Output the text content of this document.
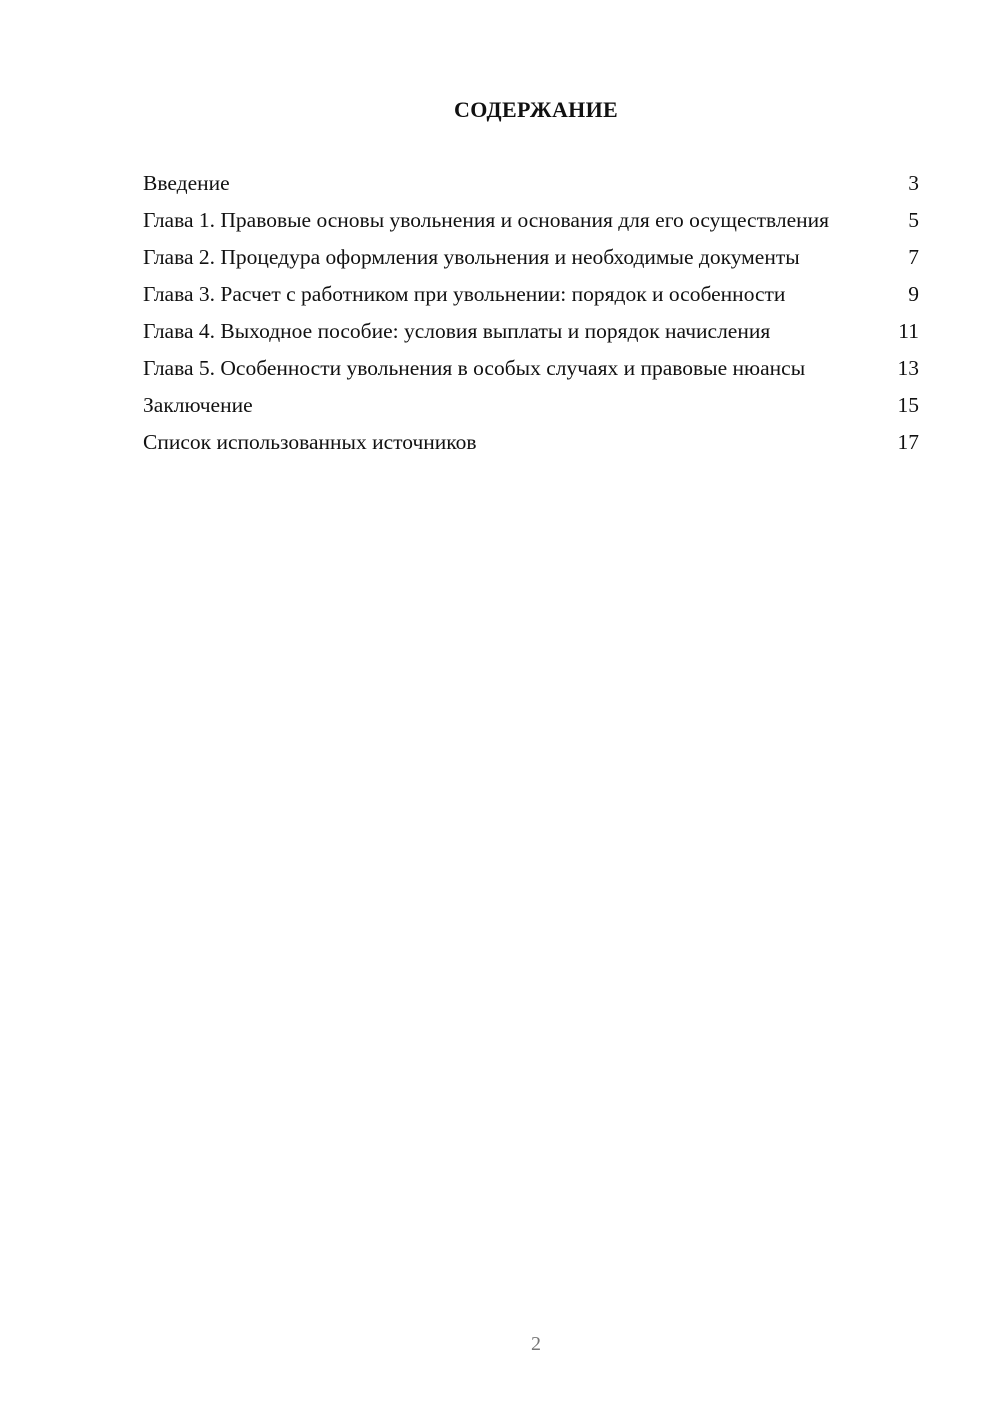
СОДЕРЖАНИЕ
Введение	3
Глава 1. Правовые основы увольнения и основания для его осуществления	5
Глава 2. Процедура оформления увольнения и необходимые документы	7
Глава 3. Расчет с работником при увольнении: порядок и особенности	9
Глава 4. Выходное пособие: условия выплаты и порядок начисления	11
Глава 5. Особенности увольнения в особых случаях и правовые нюансы	13
Заключение	15
Список использованных источников	17
2
